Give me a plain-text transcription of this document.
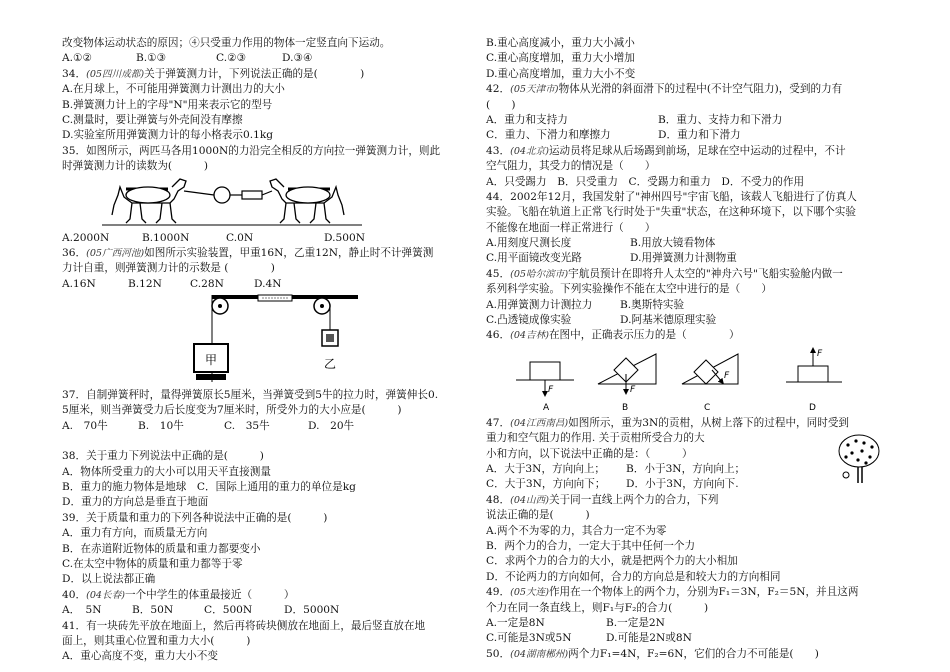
改变物体运动状态的原因；④只受重力作用的物体一定竖直向下运动。
A.①②	B.①③	C.②③	D.③④
34．(05四川成都)关于弹簧测力计，下列说法正确的是(　　　　)
A.在月球上，不可能用弹簧测力计测出力的大小
B.弹簧测力计上的字母"N"用来表示它的型号
C.测量时，要让弹簧与外壳间没有摩擦
D.实验室所用弹簧测力计的每小格表示0.1kg
35．如图所示，两匹马各用1000N的力沿完全相反的方向拉一弹簧测力计，则此
时弹簧测力计的读数为(　　　)
A.2000N	B.1000N	C.0N	D.500N
36．(05广西河池)如图所示实验装置，甲重16N，乙重12N，静止时不计弹簧测
力计自重，则弹簧测力计的示数是 (　　　　)
A.16N	B.12N	C.28N	D.4N
甲	乙
37．自制弹簧秤时，量得弹簧原长5厘米，当弹簧受到5牛的拉力时，弹簧伸长0.
5厘米，则当弹簧受力后长度变为7厘米时，所受外力的大小应是(　　　)
A.　70牛	B.　10牛	C.　35牛	D.　20牛
38．关于重力下列说法中正确的是(　　　)
A．物体所受重力的大小可以用天平直接测量
B．重力的施力物体是地球　C．国际上通用的重力的单位是kg
D．重力的方向总是垂直于地面
39．关于质量和重力的下列各种说法中正确的是(　　　)
A．重力有方向，而质量无方向
B．在赤道附近物体的质量和重力都要变小
C.在太空中物体的质量和重力都等于零
D．以上说法都正确
40．(04长春)一个中学生的体重最接近（　　　）
A．　5N	B．50N	C．500N	D．5000N
41．有一块砖先平放在地面上，然后再将砖块侧放在地面上，最后竖直放在地
面上，则其重心位置和重力大小(　　　)
A．重心高度不变，重力大小不变
B.重心高度减小，重力大小减小
C.重心高度增加，重力大小增加
D.重心高度增加，重力大小不变
42．(05天津市)物体从光滑的斜面滑下的过程中(不计空气阻力)，受到的力有
(　　)
A．重力和支持力	B．重力、支持力和下滑力
C．重力、下滑力和摩擦力	D．重力和下滑力
43．(04北京)运动员将足球从后场踢到前场，足球在空中运动的过程中，不计
空气阻力，其受力的情况是（　　）
A．只受踢力　B．只受重力　C．受踢力和重力　D．不受力的作用
44．2002年12月，我国发射了"神州四号"宇宙飞船，该载人飞船进行了仿真人
实验。飞船在轨道上正常飞行时处于"失重"状态，在这种环境下，以下哪个实验
不能像在地面一样正常进行（　　）
A.用刻度尺测长度	B.用放大镜看物体
C.用平面镜改变光路	D.用弹簧测力计测物重
45．(05哈尔滨市)宇航员预计在即将升人太空的"神舟六号"飞船实验舱内做一
系列科学实验。下列实验操作不能在太空中进行的是（　　）
A.用弹簧测力计测拉力	B.奥斯特实验
C.凸透镜成像实验	D.阿基米德原理实验
46．(04吉林)在图中，正确表示压力的是（　　　　）
A
F
B
F
C
F
D
F
47．(04江西南昌)如图所示，重为3N的贡柑，从树上落下的过程中，同时受到
重力和空气阻力的作用. 关于贡柑所受合力的大
小和方向，以下说法中正确的是：（　　　）
A．大于3N，方向向上；	B．小于3N，方向向上；
C．大于3N，方向向下；	D．小于3N，方向向下.
48．(04山西)关于同一直线上两个力的合力，下列
说法正确的是(　　　)
A.两个不为零的力，其合力一定不为零
B．两个力的合力，一定大于其中任何一个力
C．求两个力的合力的大小，就是把两个力的大小相加
D．不论两力的方向如何，合力的方向总是和较大力的方向相同
49．(05大连)作用在一个物体上的两个力，分别为F₁＝3N，F₂＝5N，并且这两
个力在同一条直线上，则F₁与F₂的合力(　　　)
A.一定是8N	B.一定是2N
C.可能是3N或5N	D.可能是2N或8N
50．(04湖南郴州)两个力F₁=4N，F₂=6N，它们的合力不可能是(　　)
